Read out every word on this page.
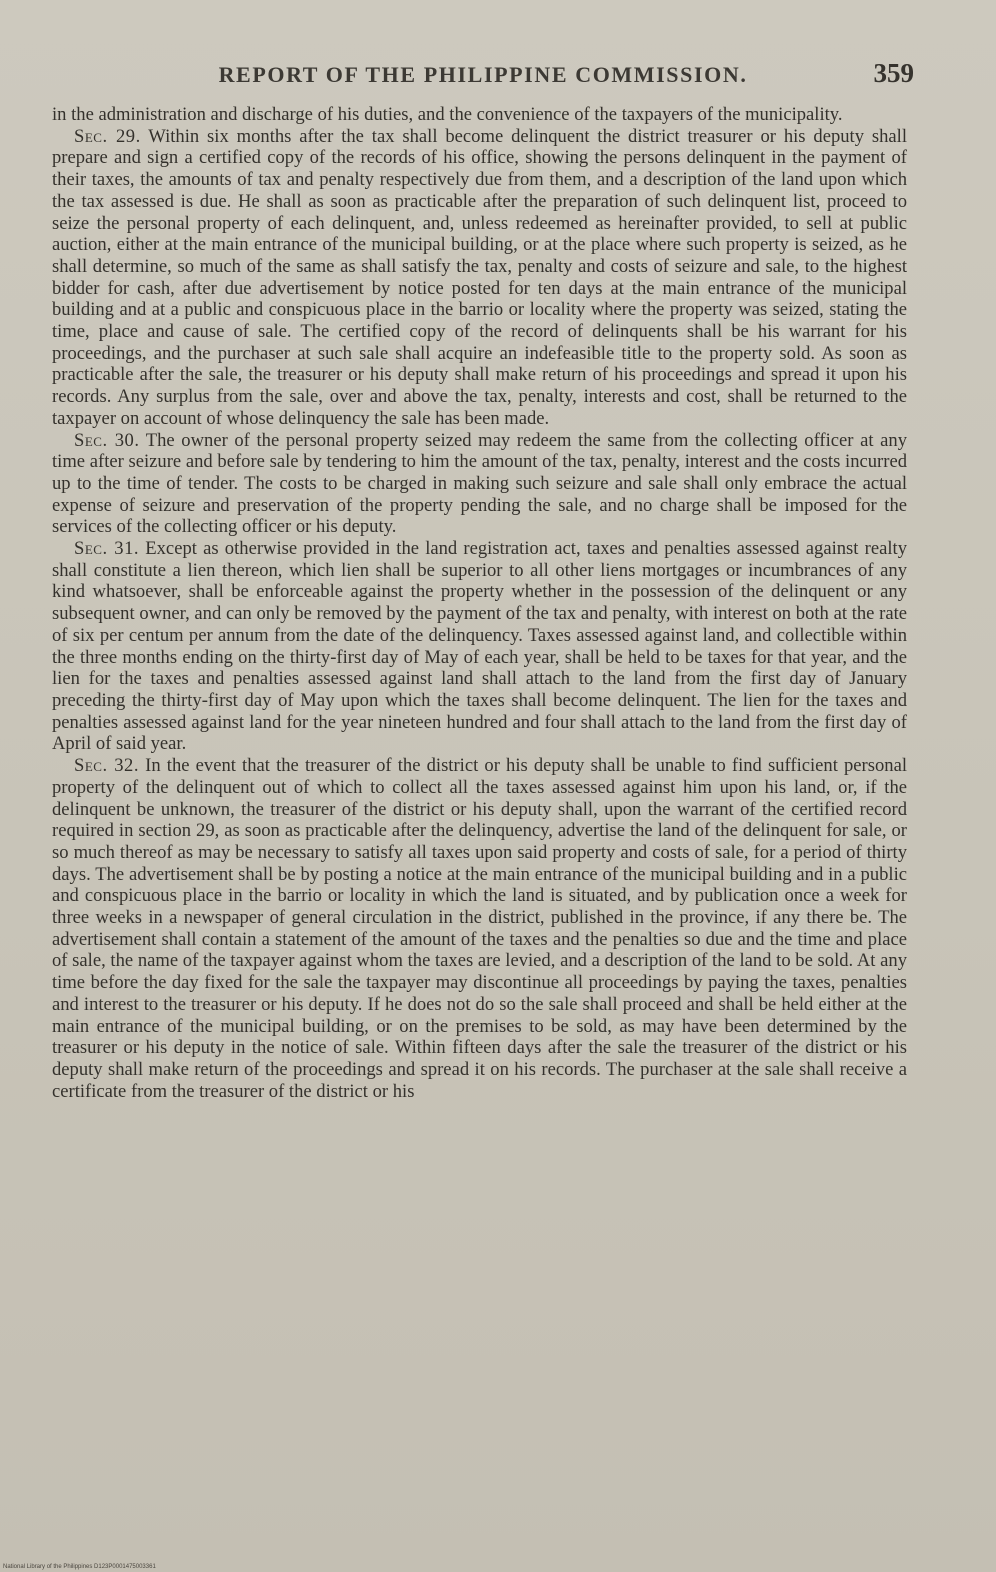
REPORT OF THE PHILIPPINE COMMISSION.	359

in the administration and discharge of his duties, and the convenience of the taxpayers of the municipality.

Sec. 29. Within six months after the tax shall become delinquent the district treasurer or his deputy shall prepare and sign a certified copy of the records of his office, showing the persons delinquent in the payment of their taxes, the amounts of tax and penalty respectively due from them, and a description of the land upon which the tax assessed is due. He shall as soon as practicable after the preparation of such delinquent list, proceed to seize the personal property of each delinquent, and, unless redeemed as hereinafter provided, to sell at public auction, either at the main entrance of the municipal building, or at the place where such property is seized, as he shall determine, so much of the same as shall satisfy the tax, penalty and costs of seizure and sale, to the highest bidder for cash, after due advertisement by notice posted for ten days at the main entrance of the municipal building and at a public and conspicuous place in the barrio or locality where the property was seized, stating the time, place and cause of sale. The certified copy of the record of delinquents shall be his warrant for his proceedings, and the purchaser at such sale shall acquire an indefeasible title to the property sold. As soon as practicable after the sale, the treasurer or his deputy shall make return of his proceedings and spread it upon his records. Any surplus from the sale, over and above the tax, penalty, interests and cost, shall be returned to the taxpayer on account of whose delinquency the sale has been made.

Sec. 30. The owner of the personal property seized may redeem the same from the collecting officer at any time after seizure and before sale by tendering to him the amount of the tax, penalty, interest and the costs incurred up to the time of tender. The costs to be charged in making such seizure and sale shall only embrace the actual expense of seizure and preservation of the property pending the sale, and no charge shall be imposed for the services of the collecting officer or his deputy.

Sec. 31. Except as otherwise provided in the land registration act, taxes and penalties assessed against realty shall constitute a lien thereon, which lien shall be superior to all other liens mortgages or incumbrances of any kind whatsoever, shall be enforceable against the property whether in the possession of the delinquent or any subsequent owner, and can only be removed by the payment of the tax and penalty, with interest on both at the rate of six per centum per annum from the date of the delinquency. Taxes assessed against land, and collectible within the three months ending on the thirty-first day of May of each year, shall be held to be taxes for that year, and the lien for the taxes and penalties assessed against land shall attach to the land from the first day of January preceding the thirty-first day of May upon which the taxes shall become delinquent. The lien for the taxes and penalties assessed against land for the year nineteen hundred and four shall attach to the land from the first day of April of said year.

Sec. 32. In the event that the treasurer of the district or his deputy shall be unable to find sufficient personal property of the delinquent out of which to collect all the taxes assessed against him upon his land, or, if the delinquent be unknown, the treasurer of the district or his deputy shall, upon the warrant of the certified record required in section 29, as soon as practicable after the delinquency, advertise the land of the delinquent for sale, or so much thereof as may be necessary to satisfy all taxes upon said property and costs of sale, for a period of thirty days. The advertisement shall be by posting a notice at the main entrance of the municipal building and in a public and conspicuous place in the barrio or locality in which the land is situated, and by publication once a week for three weeks in a newspaper of general circulation in the district, published in the province, if any there be. The advertisement shall contain a statement of the amount of the taxes and the penalties so due and the time and place of sale, the name of the taxpayer against whom the taxes are levied, and a description of the land to be sold. At any time before the day fixed for the sale the taxpayer may discontinue all proceedings by paying the taxes, penalties and interest to the treasurer or his deputy. If he does not do so the sale shall proceed and shall be held either at the main entrance of the municipal building, or on the premises to be sold, as may have been determined by the treasurer or his deputy in the notice of sale. Within fifteen days after the sale the treasurer of the district or his deputy shall make return of the proceedings and spread it on his records. The purchaser at the sale shall receive a certificate from the treasurer of the district or his

National Library of the Philippines D123P0001475003361
